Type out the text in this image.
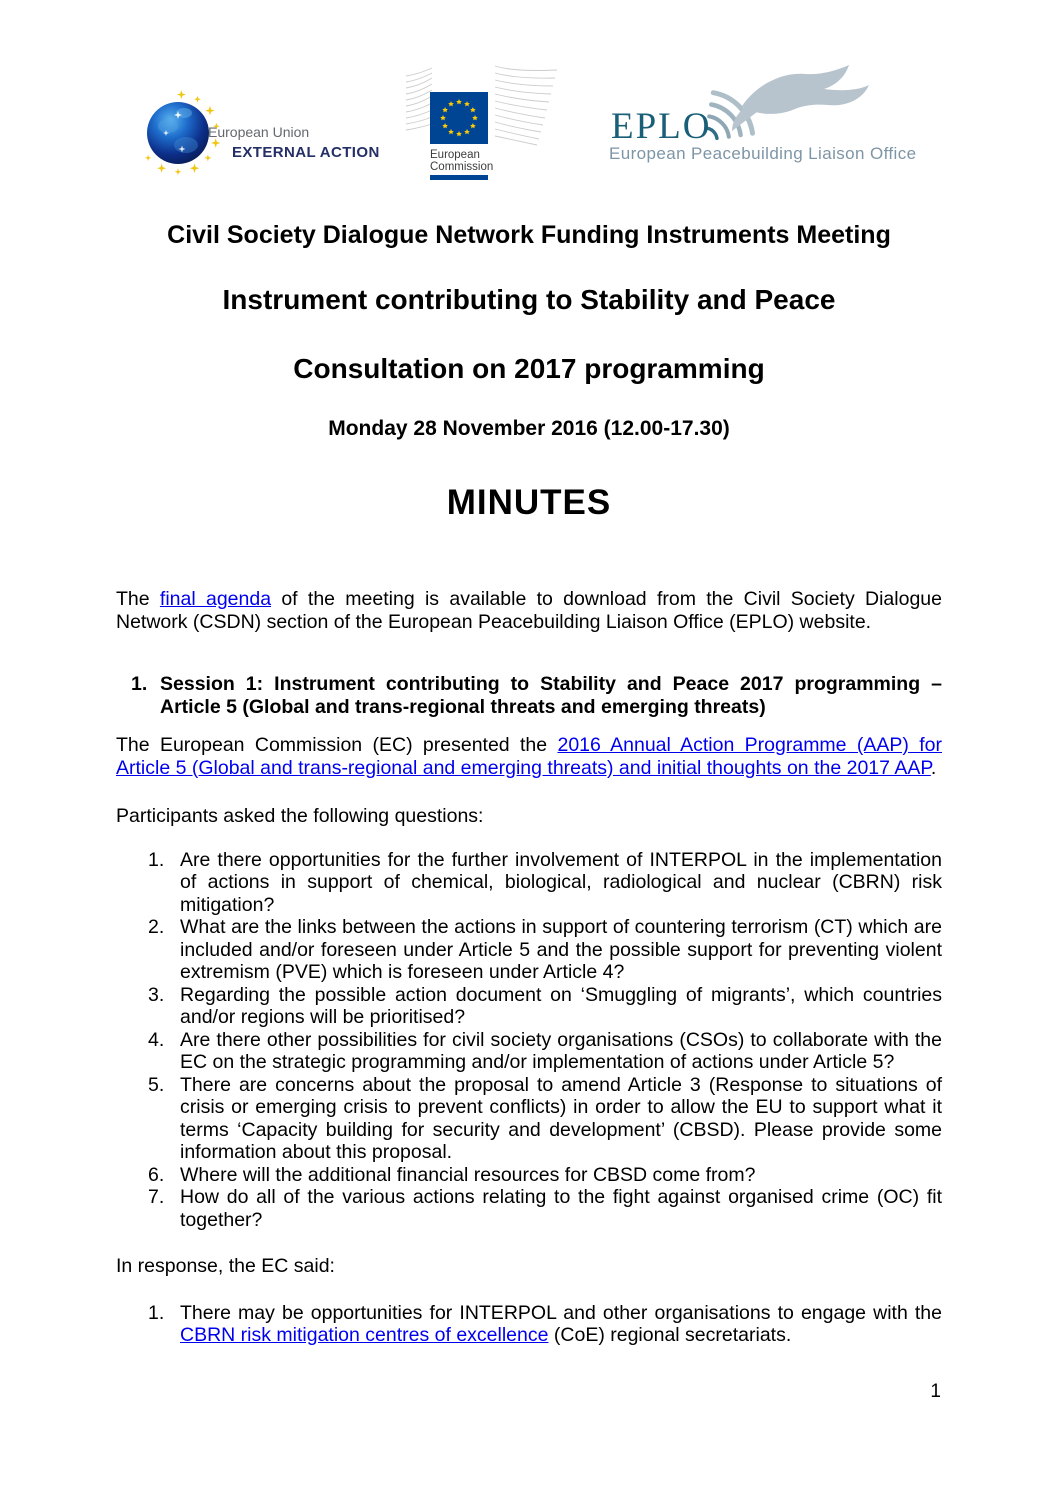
European Union
EXTERNAL ACTION	European
Commission
EPLO
European Peacebuilding Liaison Office
Civil Society Dialogue Network Funding Instruments Meeting
Instrument contributing to Stability and Peace
Consultation on 2017 programming
Monday 28 November 2016 (12.00-17.30)
MINUTES

The final agenda of the meeting is available to download from the Civil Society Dialogue Network (CSDN) section of the European Peacebuilding Liaison Office (EPLO) website.

1. Session 1: Instrument contributing to Stability and Peace 2017 programming – Article 5 (Global and trans-regional threats and emerging threats)

The European Commission (EC) presented the 2016 Annual Action Programme (AAP) for Article 5 (Global and trans-regional and emerging threats) and initial thoughts on the 2017 AAP.

Participants asked the following questions:

1. Are there opportunities for the further involvement of INTERPOL in the implementation of actions in support of chemical, biological, radiological and nuclear (CBRN) risk mitigation?
2. What are the links between the actions in support of countering terrorism (CT) which are included and/or foreseen under Article 5 and the possible support for preventing violent extremism (PVE) which is foreseen under Article 4?
3. Regarding the possible action document on ‘Smuggling of migrants’, which countries and/or regions will be prioritised?
4. Are there other possibilities for civil society organisations (CSOs) to collaborate with the EC on the strategic programming and/or implementation of actions under Article 5?
5. There are concerns about the proposal to amend Article 3 (Response to situations of crisis or emerging crisis to prevent conflicts) in order to allow the EU to support what it terms ‘Capacity building for security and development’ (CBSD). Please provide some information about this proposal.
6. Where will the additional financial resources for CBSD come from?
7. How do all of the various actions relating to the fight against organised crime (OC) fit together?

In response, the EC said:

1. There may be opportunities for INTERPOL and other organisations to engage with the CBRN risk mitigation centres of excellence (CoE) regional secretariats.
1
